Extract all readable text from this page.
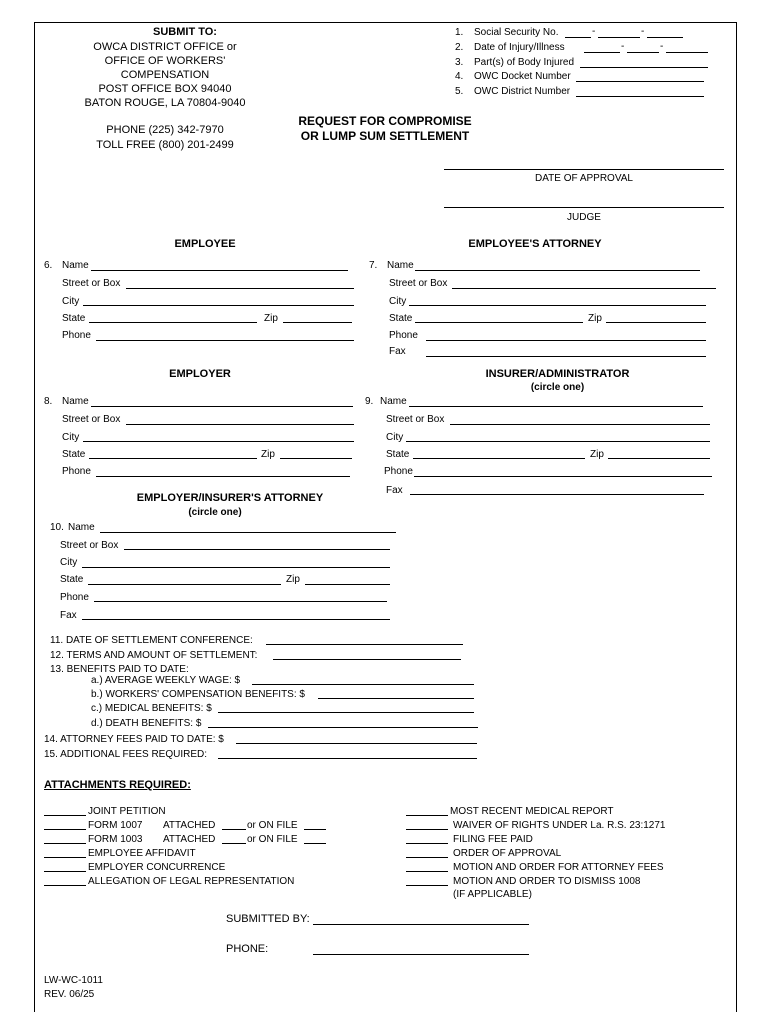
SUBMIT TO:
OWCA DISTRICT OFFICE or
OFFICE OF WORKERS'
COMPENSATION
POST OFFICE BOX 94040
BATON ROUGE, LA 70804-9040
PHONE (225) 342-7970
TOLL FREE (800) 201-2499
1. Social Security No.	-	-
2. Date of Injury/Illness	-	-
3. Part(s) of Body Injured
4. OWC Docket Number
5. OWC District Number
REQUEST FOR COMPROMISE
OR LUMP SUM SETTLEMENT
DATE OF APPROVAL
JUDGE
EMPLOYEE
6. Name
Street or Box
City
State	Zip
Phone
EMPLOYEE'S ATTORNEY
7. Name
Street or Box
City
State	Zip
Phone
Fax
EMPLOYER
8. Name
Street or Box
City
State	Zip
Phone
INSURER/ADMINISTRATOR
(circle one)
9. Name
Street or Box
City
State	Zip
Phone
Fax
EMPLOYER/INSURER'S ATTORNEY
(circle one)
10. Name
Street or Box
City
State	Zip
Phone
Fax
11. DATE OF SETTLEMENT CONFERENCE:
12. TERMS AND AMOUNT OF SETTLEMENT:
13. BENEFITS PAID TO DATE:
a.) AVERAGE WEEKLY WAGE: $
b.) WORKERS' COMPENSATION BENEFITS: $
c.) MEDICAL BENEFITS: $
d.) DEATH BENEFITS: $
14. ATTORNEY FEES PAID TO DATE: $
15. ADDITIONAL FEES REQUIRED:
ATTACHMENTS REQUIRED:
JOINT PETITION
FORM 1007 ATTACHED	or ON FILE
FORM 1003 ATTACHED	or ON FILE
EMPLOYEE AFFIDAVIT
EMPLOYER CONCURRENCE
ALLEGATION OF LEGAL REPRESENTATION
MOST RECENT MEDICAL REPORT
WAIVER OF RIGHTS UNDER La. R.S. 23:1271
FILING FEE PAID
ORDER OF APPROVAL
MOTION AND ORDER FOR ATTORNEY FEES
MOTION AND ORDER TO DISMISS 1008
(IF APPLICABLE)
SUBMITTED BY:
PHONE:
LW-WC-1011
REV. 06/25
